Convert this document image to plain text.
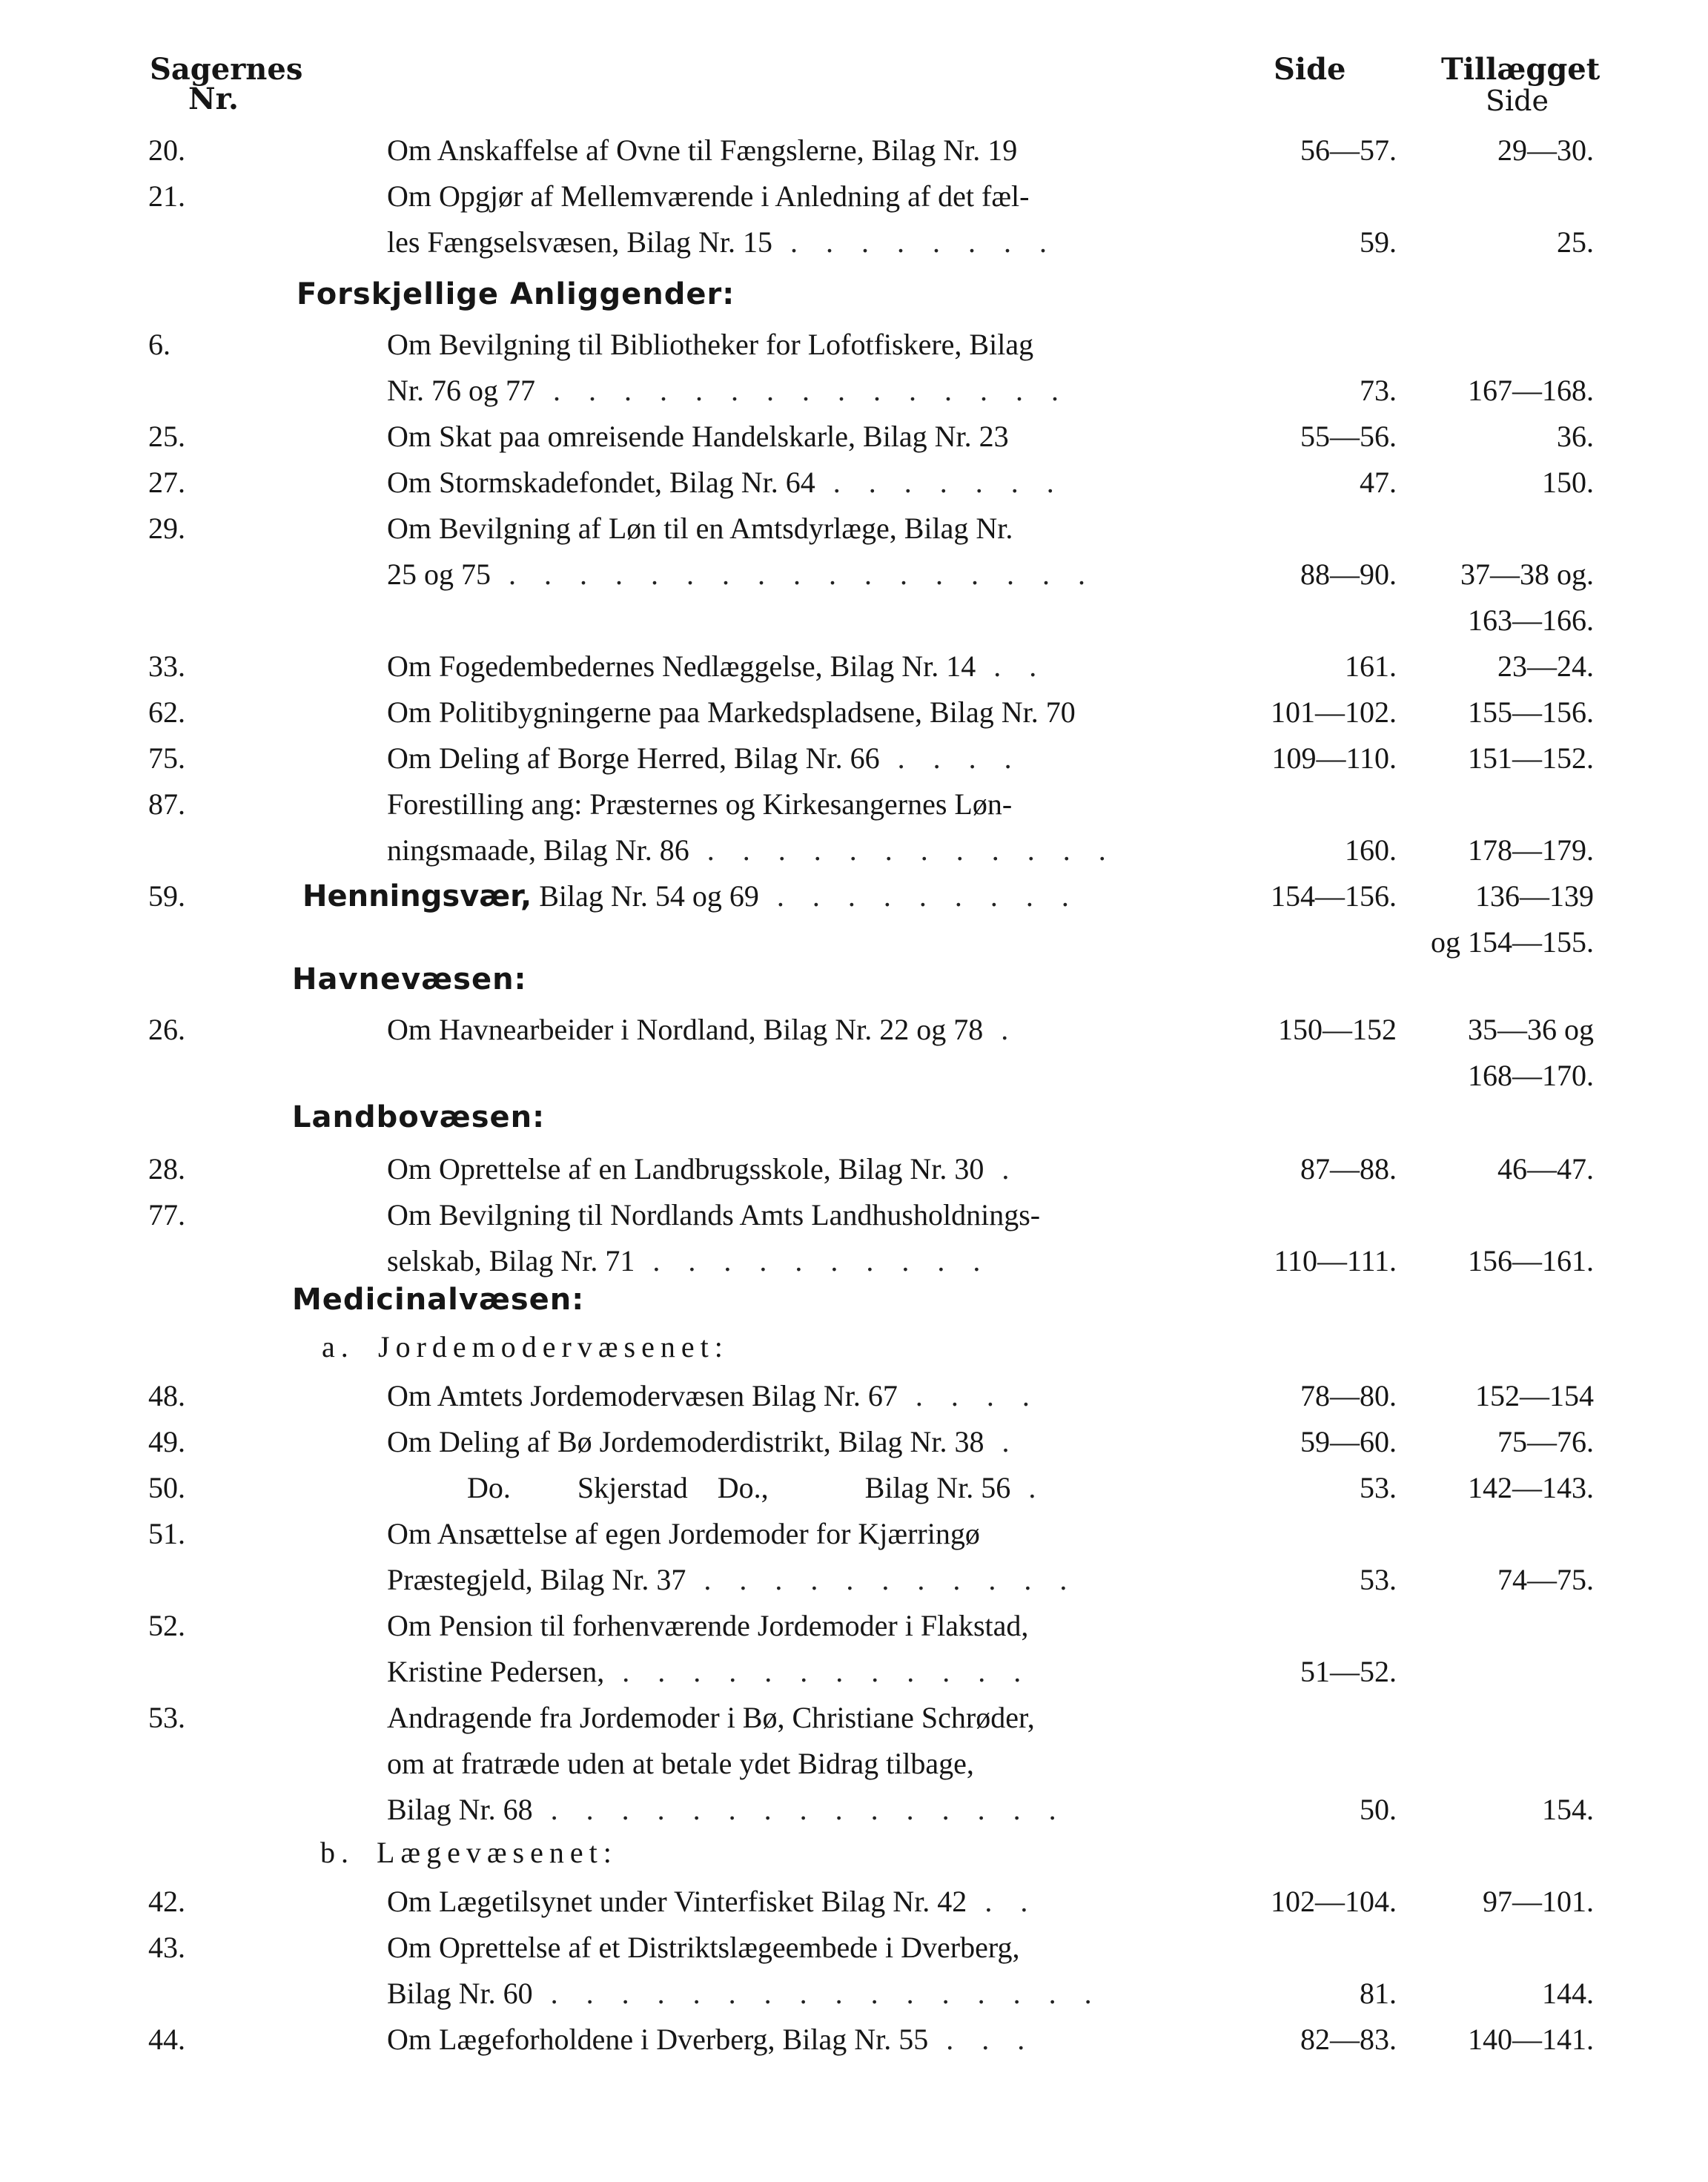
Sagernes
Nr.
Side	Tillægget
Side
Forskjellige Anliggender:
Havnevæsen:
Landbovæsen:
Medicinalvæsen:
a. Jordemodervæsenet:
b. Lægevæsenet:
20.	Om Anskaffelse af Ovne til Fængslerne, Bilag Nr. 19	56—57.	29—30.
21.	Om Opgjør af Mellemværende i Anledning af det fæl-
les Fængselsvæsen, Bilag Nr. 15 . . . . . . . .	59.	25.
6.	Om Bevilgning til Bibliotheker for Lofotfiskere, Bilag
Nr. 76 og 77 . . . . . . . . . . . . . . .	73. 167—168.
25.	Om Skat paa omreisende Handelskarle, Bilag Nr. 23	55—56.	36.
27.	Om Stormskadefondet, Bilag Nr. 64 . . . . . . .	47.	150.
29.	Om Bevilgning af Løn til en Amtsdyrlæge, Bilag Nr.
25 og 75 . . . . . . . . . . . . . . . . .	88—90. 37—38 og.
163—166.
33.	Om Fogedembedernes Nedlæggelse, Bilag Nr. 14 . .	161.	23—24.
62.	Om Politibygningerne paa Markedspladsene, Bilag Nr. 70	101—102. 155—156.
75.	Om Deling af Borge Herred, Bilag Nr. 66 . . . .	109—110. 151—152.
87.	Forestilling ang: Præsternes og Kirkesangernes Løn-
ningsmaade, Bilag Nr. 86 . . . . . . . . . . . .	160. 178—179.
59.	Henningsvær, Bilag Nr. 54 og 69 . . . . . . . . .	154—156.	136—139
og 154—155.
26.	Om Havnearbeider i Nordland, Bilag Nr. 22 og 78 .	150—152 35—36 og
168—170.
28.	Om Oprettelse af en Landbrugsskole, Bilag Nr. 30 .	87—88.	46—47.
77.	Om Bevilgning til Nordlands Amts Landhusholdnings-
selskab, Bilag Nr. 71 . . . . . . . . . .	110—111. 156—161.
48.	Om Amtets Jordemodervæsen Bilag Nr. 67 . . . .	78—80.	152—154
49.	Om Deling af Bø Jordemoderdistrikt, Bilag Nr. 38 .	59—60.	75—76.
50.	Do.         Skjerstad    Do.,             Bilag Nr. 56 .	53. 142—143.
51.	Om Ansættelse af egen Jordemoder for Kjærringø
Præstegjeld, Bilag Nr. 37 . . . . . . . . . . .	53.	74—75.
52.	Om Pension til forhenværende Jordemoder i Flakstad,
Kristine Pedersen, . . . . . . . . . . . .	51—52.
53.	Andragende fra Jordemoder i Bø, Christiane Schrøder,
om at fratræde uden at betale ydet Bidrag tilbage,
Bilag Nr. 68 . . . . . . . . . . . . . . .	50.	154.
42.	Om Lægetilsynet under Vinterfisket Bilag Nr. 42 . .	102—104.	97—101.
43.	Om Oprettelse af et Distriktslægeembede i Dverberg,
Bilag Nr. 60 . . . . . . . . . . . . . . . .	81.	144.
44.	Om Lægeforholdene i Dverberg, Bilag Nr. 55 . . .	82—83. 140—141.
